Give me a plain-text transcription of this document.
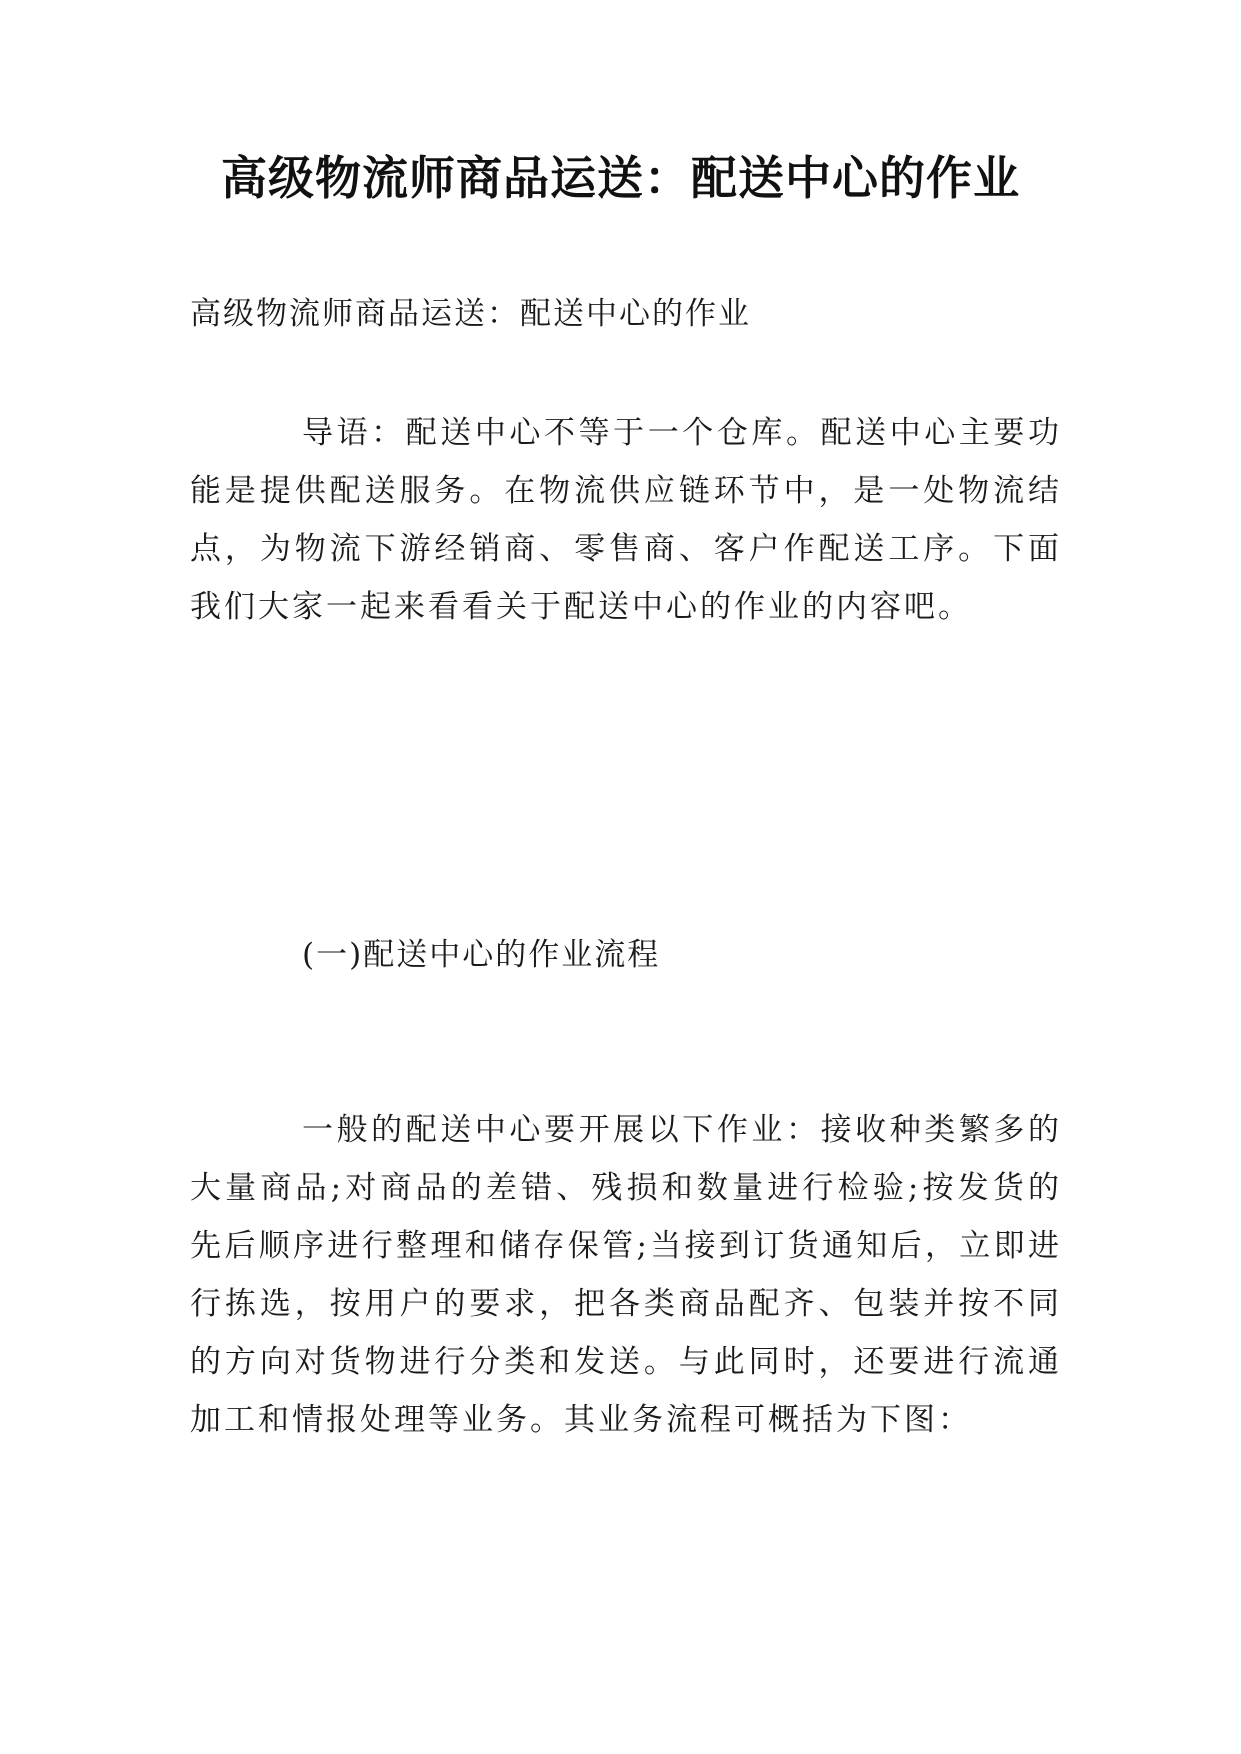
高级物流师商品运送：配送中心的作业
高级物流师商品运送：配送中心的作业

导语：配送中心不等于一个仓库。配送中心主要功能是提供配送服务。在物流供应链环节中，是一处物流结点，为物流下游经销商、零售商、客户作配送工序。下面我们大家一起来看看关于配送中心的作业的内容吧。

(一)配送中心的作业流程

一般的配送中心要开展以下作业：接收种类繁多的大量商品;对商品的差错、残损和数量进行检验;按发货的先后顺序进行整理和储存保管;当接到订货通知后，立即进行拣选，按用户的要求，把各类商品配齐、包装并按不同的方向对货物进行分类和发送。与此同时，还要进行流通加工和情报处理等业务。其业务流程可概括为下图：
